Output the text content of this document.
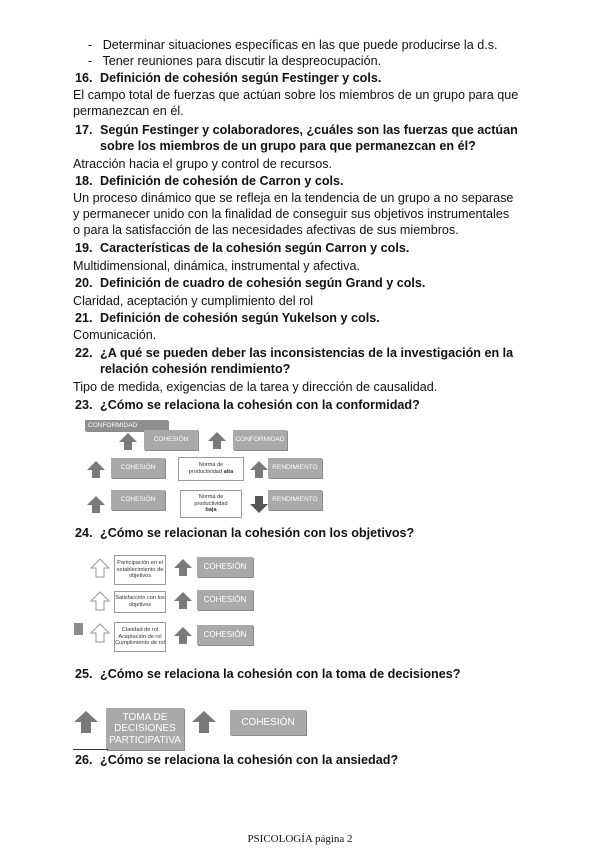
-   Determinar situaciones específicas en las que puede producirse la d.s.
-   Tener reuniones para discutir la despreocupación.
16. Definición de cohesión según Festinger y cols.
El campo total de fuerzas que actúan sobre los miembros de un grupo para que
permanezcan en él.
17. Según Festinger y colaboradores, ¿cuáles son las fuerzas que actúan
sobre los miembros de un grupo para que permanezcan en él?
Atracción hacia el grupo y control de recursos.
18. Definición de cohesión de Carron y cols.
Un proceso dinámico que se refleja en la tendencia de un grupo a no separase
y permanecer unido con la finalidad de conseguir sus objetivos instrumentales
o para la satisfacción de las necesidades afectivas de sus miembros.
19. Características de la cohesión según Carron y cols.
Multidimensional, dinámica, instrumental y afectiva.
20. Definición de cuadro de cohesión según Grand y cols.
Claridad, aceptación y cumplimiento del rol
21. Definición de cohesión según Yukelson y cols.
Comunicación.
22. ¿A qué se pueden deber las inconsistencias de la investigación en la
relación cohesión rendimiento?
Tipo de medida, exigencias de la tarea y dirección de causalidad.
23. ¿Cómo se relaciona la cohesión con la conformidad?
CONFORMIDAD
COHESIÓN	CONFORMIDAD
COHESIÓN	Norma de
productividad alta
RENDIMIENTO
COHESIÓN	Norma de
productividad
baja
RENDIMIENTO
24. ¿Cómo se relacionan la cohesión con los objetivos?
Participación en el
establecimiento de
objetivos
COHESIÓN
Satisfacción con los
objetivos
COHESIÓN
Claridad de rol
Aceptación de rol
Cumplimiento de rol
COHESIÓN
25. ¿Cómo se relaciona la cohesión con la toma de decisiones?
TOMA DE
DECISIONES
PARTICIPATIVA
COHESIÓN
26. ¿Cómo se relaciona la cohesión con la ansiedad?
PSICOLOGÍA página 2
